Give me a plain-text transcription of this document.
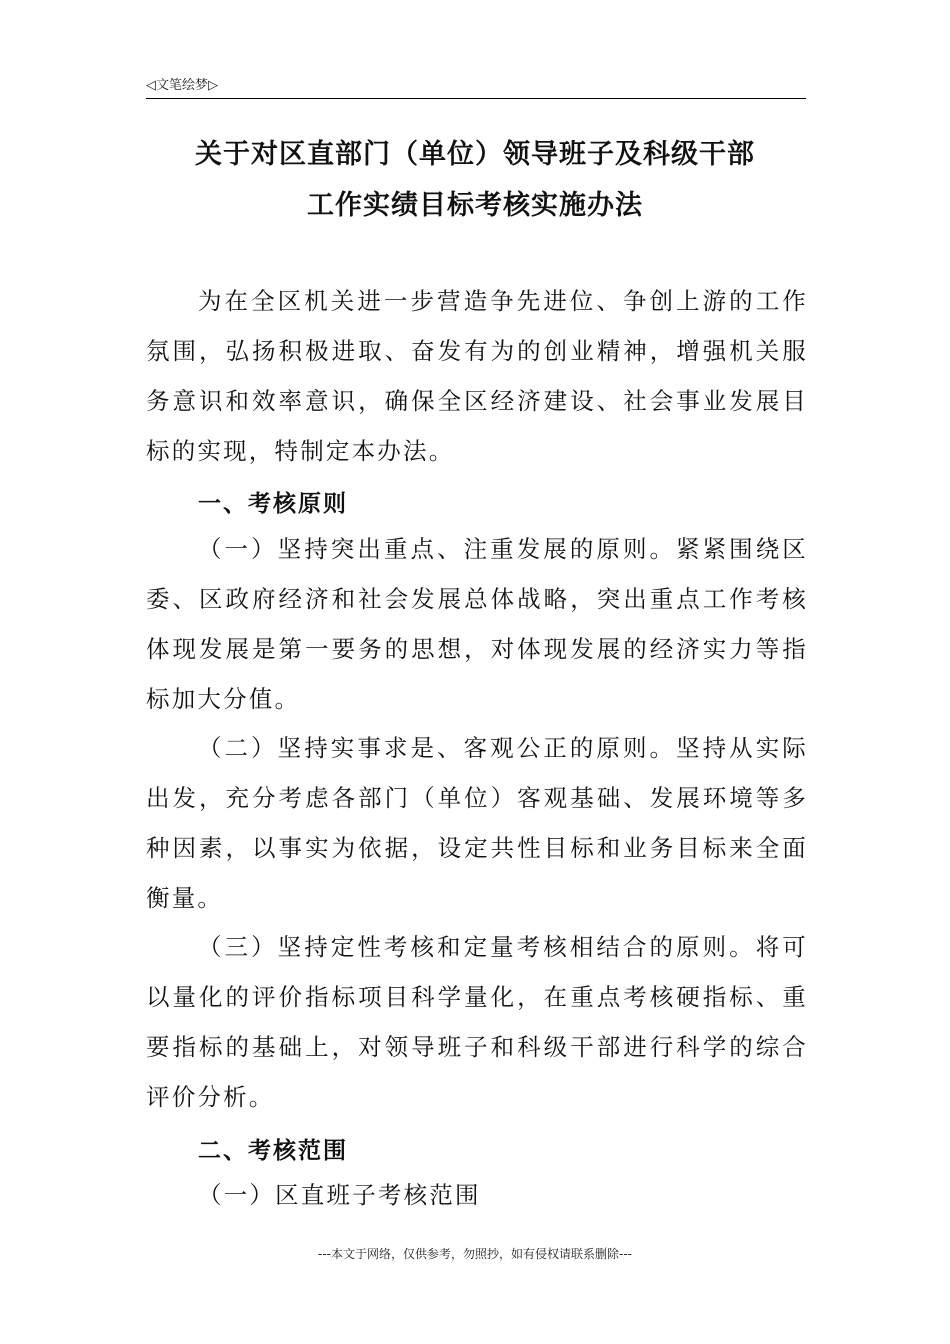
◁文笔绘梦▷
关于对区直部门（单位）领导班子及科级干部
工作实绩目标考核实施办法

为在全区机关进一步营造争先进位、争创上游的工作氛围，弘扬积极进取、奋发有为的创业精神，增强机关服务意识和效率意识，确保全区经济建设、社会事业发展目标的实现，特制定本办法。

一、考核原则

（一）坚持突出重点、注重发展的原则。紧紧围绕区委、区政府经济和社会发展总体战略，突出重点工作考核体现发展是第一要务的思想，对体现发展的经济实力等指标加大分值。

（二）坚持实事求是、客观公正的原则。坚持从实际出发，充分考虑各部门（单位）客观基础、发展环境等多种因素，以事实为依据，设定共性目标和业务目标来全面衡量。

（三）坚持定性考核和定量考核相结合的原则。将可以量化的评价指标项目科学量化，在重点考核硬指标、重要指标的基础上，对领导班子和科级干部进行科学的综合评价分析。

二、考核范围

（一）区直班子考核范围

---本文于网络，仅供参考，勿照抄，如有侵权请联系删除---
